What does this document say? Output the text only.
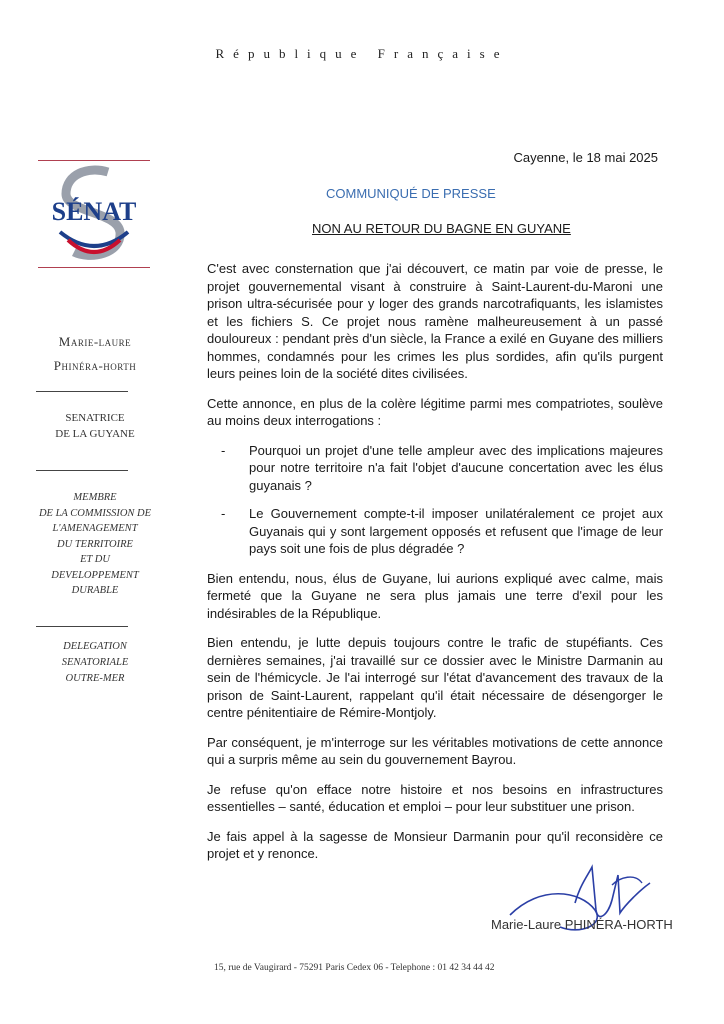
République Française
SÉNAT
Cayenne, le 18 mai 2025
COMMUNIQUÉ DE PRESSE
NON AU RETOUR DU BAGNE EN GUYANE
Marie-laure
Phinéra-horth
SENATRICE
DE LA GUYANE
MEMBRE
DE LA COMMISSION DE
L'AMENAGEMENT
DU TERRITOIRE
ET DU
DEVELOPPEMENT
DURABLE
DELEGATION
SENATORIALE
OUTRE-MER

C'est avec consternation que j'ai découvert, ce matin par voie de presse, le projet gouvernemental visant à construire à Saint-Laurent-du-Maroni une prison ultra-sécurisée pour y loger des grands narcotrafiquants, les islamistes et les fichiers S. Ce projet nous ramène malheureusement à un passé douloureux : pendant près d'un siècle, la France a exilé en Guyane des milliers hommes, condamnés pour les crimes les plus sordides, afin qu'ils purgent leurs peines loin de la société dites civilisées.

Cette annonce, en plus de la colère légitime parmi mes compatriotes, soulève au moins deux interrogations :

- Pourquoi un projet d'une telle ampleur avec des implications majeures pour notre territoire n'a fait l'objet d'aucune concertation avec les élus guyanais ?
- Le Gouvernement compte-t-il imposer unilatéralement ce projet aux Guyanais qui y sont largement opposés et refusent que l'image de leur pays soit une fois de plus dégradée ?

Bien entendu, nous, élus de Guyane, lui aurions expliqué avec calme, mais fermeté que la Guyane ne sera plus jamais une terre d'exil pour les indésirables de la République.

Bien entendu, je lutte depuis toujours contre le trafic de stupéfiants. Ces dernières semaines, j'ai travaillé sur ce dossier avec le Ministre Darmanin au sein de l'hémicycle. Je l'ai interrogé sur l'état d'avancement des travaux de la prison de Saint-Laurent, rappelant qu'il était nécessaire de désengorger le centre pénitentiaire de Rémire-Montjoly.

Par conséquent, je m'interroge sur les véritables motivations de cette annonce qui a surpris même au sein du gouvernement Bayrou.

Je refuse qu'on efface notre histoire et nos besoins en infrastructures essentielles – santé, éducation et emploi – pour leur substituer une prison.

Je fais appel à la sagesse de Monsieur Darmanin pour qu'il reconsidère ce projet et y renonce.

Marie-Laure PHINÉRA-HORTH
15, rue de Vaugirard - 75291 Paris Cedex 06 - Telephone : 01 42 34 44 42
